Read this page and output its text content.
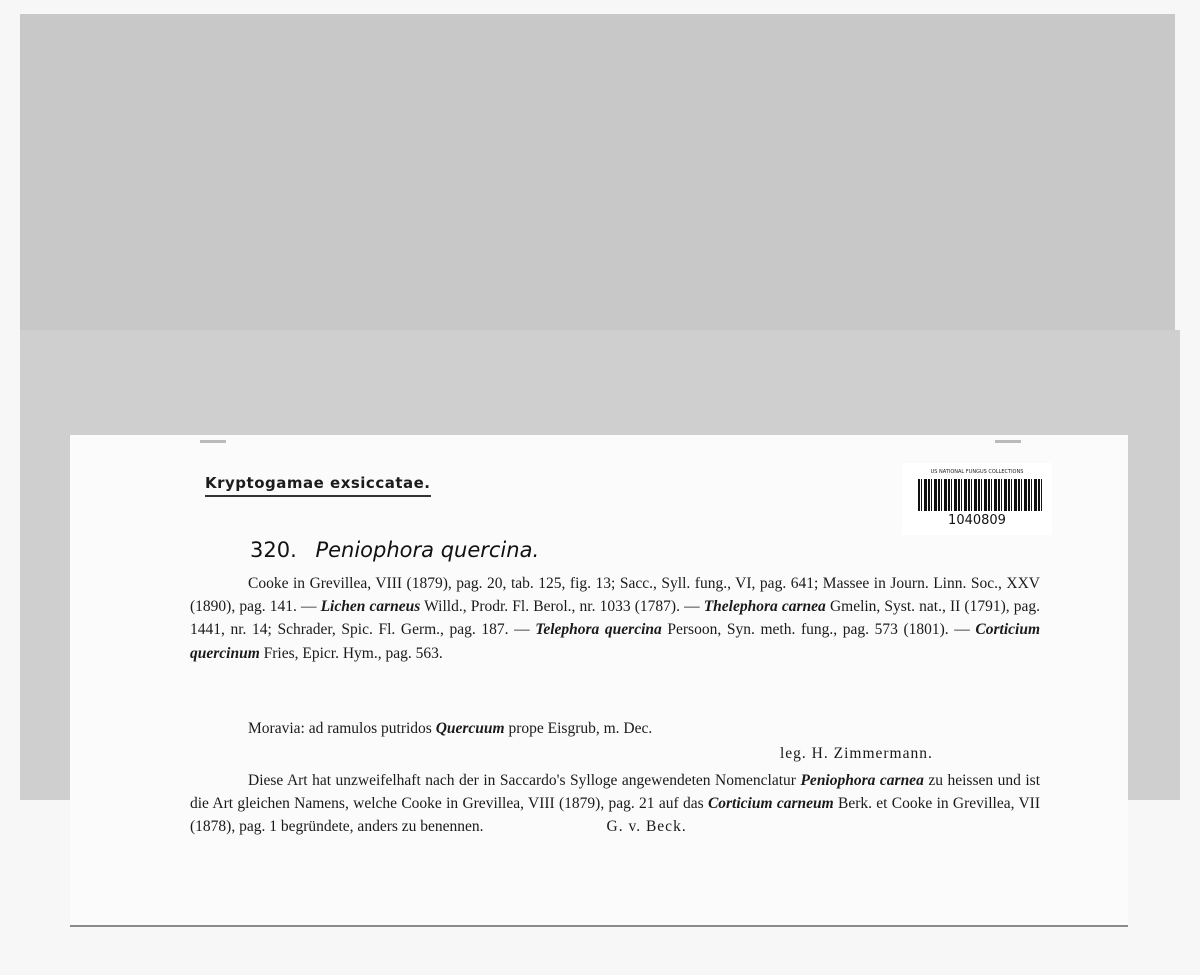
Kryptogamae exsiccatae.
US NATIONAL FUNGUS COLLECTIONS
1040809
320. Peniophora quercina.
Cooke in Grevillea, VIII (1879), pag. 20, tab. 125, fig. 13; Sacc., Syll. fung., VI, pag. 641; Massee in Journ. Linn. Soc., XXV (1890), pag. 141. — Lichen carneus Willd., Prodr. Fl. Berol., nr. 1033 (1787). — Thelephora carnea Gmelin, Syst. nat., II (1791), pag. 1441, nr. 14; Schrader, Spic. Fl. Germ., pag. 187. — Telephora quercina Persoon, Syn. meth. fung., pag. 573 (1801). — Corticium quercinum Fries, Epicr. Hym., pag. 563.
Moravia: ad ramulos putridos Quercuum prope Eisgrub, m. Dec.
leg. H. Zimmermann.
Diese Art hat unzweifelhaft nach der in Saccardo's Sylloge angewendeten Nomenclatur Peniophora carnea zu heissen und ist die Art gleichen Namens, welche Cooke in Grevillea, VIII (1879), pag. 21 auf das Corticium carneum Berk. et Cooke in Grevillea, VII (1878), pag. 1 begründete, anders zu benennen.	G. v. Beck.
